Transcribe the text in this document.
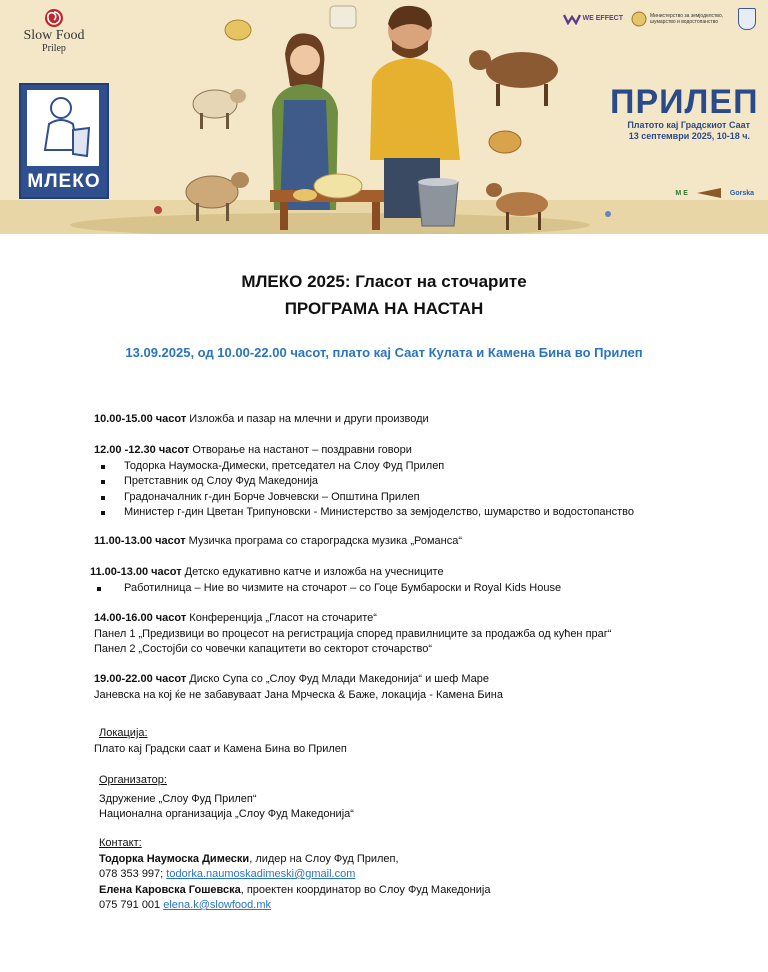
Slow Food
Prilep
МЛЕКО
WE EFFECT	Министерство за земјоделство, шумарство и водостопанство
ПРИЛЕП
Платото кај Градскиот Саат
13 септември 2025, 10-18 ч.
M E	Gorska
МЛЕКО 2025: Гласот на сточарите
ПРОГРАМА НА НАСТАН
13.09.2025, од 10.00-22.00 часот, плато кај Саат Кулата и Камена Бина во Прилеп
10.00-15.00 часот Изложба и пазар на млечни и други производи
12.00 -12.30 часот Отворање на настанот – поздравни говори
Тодорка Наумоска-Димески, претседател на Слоу Фуд Прилеп
Претставник од Слоу Фуд Македонија
Градоначалник г-дин Борче Јовчевски – Општина Прилеп
Министер г-дин Цветан Трипуновски - Министерство за земјоделство, шумарство и водостопанство
11.00-13.00 часот Музичка програма со староградска музика „Романса“
11.00-13.00 часот Детско едукативно катче и изложба на учесниците
Работилница – Ние во чизмите на сточарот – со Гоце Бумбароски и Royal Kids House
14.00-16.00 часот Конференција „Гласот на сточарите“
Панел 1 „Предизвици во процесот на регистрација според правилниците за продажба од кућен праг“
Панел 2 „Состојби со човечки капацитети во секторот сточарство“
19.00-22.00 часот Диско Супа со „Слоу Фуд Млади Македонија“ и шеф Маре
Јаневска на кој ќе не забавуваат Јана Мрческа & Баже, локација - Камена Бина
Локација:
Плато кај Градски саат и Камена Бина во Прилеп
Организатор:
Здружение „Слоу Фуд Прилеп“
Национална организација „Слоу Фуд Македонија“
Контакт:
Тодорка Наумоска Димески, лидер на Слоу Фуд Прилеп,
078 353 997; todorka.naumoskadimeski@gmail.com
Елена Каровска Гошевска, проектен координатор во Слоу Фуд Македонија
075 791 001 elena.k@slowfood.mk
